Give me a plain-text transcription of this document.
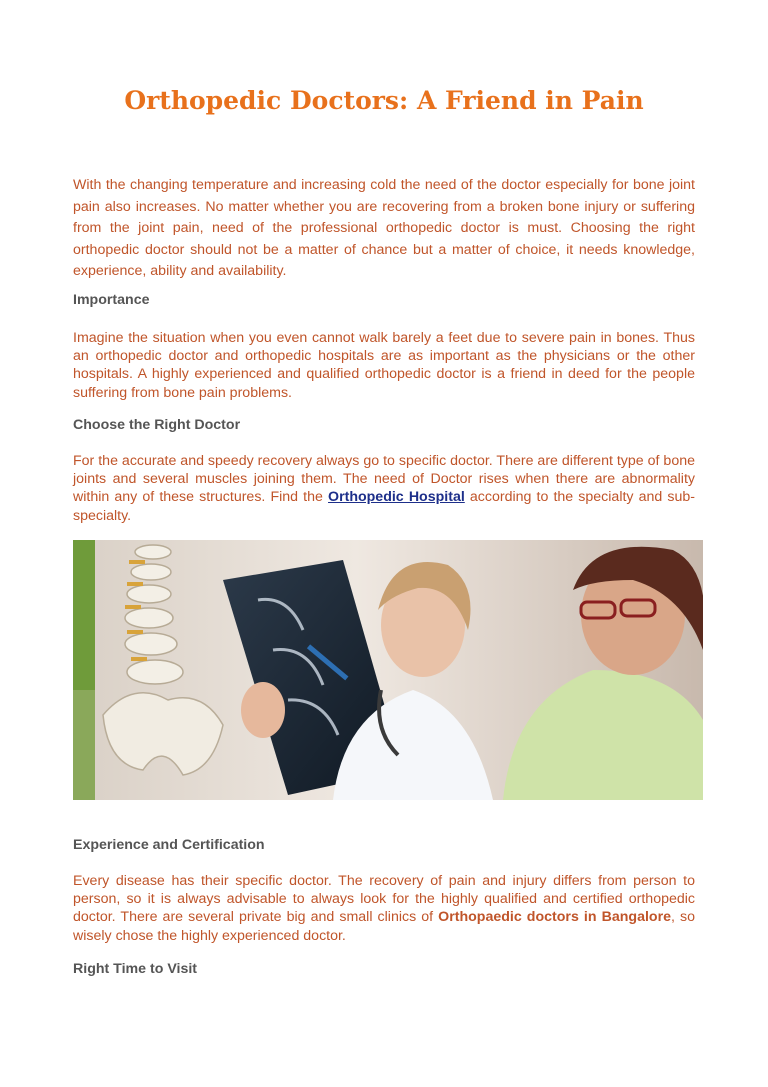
Orthopedic Doctors: A Friend in Pain

With the changing temperature and increasing cold the need of the doctor especially for bone joint pain also increases. No matter whether you are recovering from a broken bone injury or suffering from the joint pain, need of the professional orthopedic doctor is must. Choosing the right orthopedic doctor should not be a matter of chance but a matter of choice, it needs knowledge, experience, ability and availability.

Importance

Imagine the situation when you even cannot walk barely a feet due to severe pain in bones. Thus an orthopedic doctor and orthopedic hospitals are as important as the physicians or the other hospitals. A highly experienced and qualified orthopedic doctor is a friend in deed for the people suffering from bone pain problems.

Choose the Right Doctor

For the accurate and speedy recovery always go to specific doctor. There are different type of bone joints and several muscles joining them. The need of Doctor rises when there are abnormality within any of these structures. Find the Orthopedic Hospital according to the specialty and sub-specialty.

Experience and Certification

Every disease has their specific doctor. The recovery of pain and injury differs from person to person, so it is always advisable to always look for the highly qualified and certified orthopedic doctor. There are several private big and small clinics of Orthopaedic doctors in Bangalore, so wisely chose the highly experienced doctor.

Right Time to Visit
